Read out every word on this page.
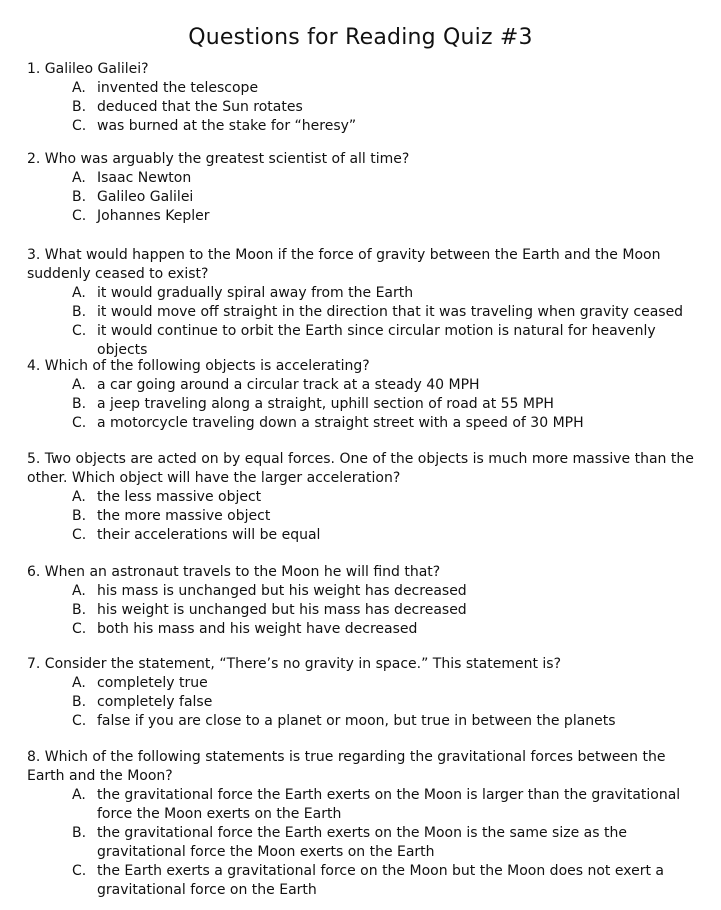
Questions for Reading Quiz #3

1. Galileo Galilei?

A. invented the telescope
B. deduced that the Sun rotates
C. was burned at the stake for “heresy”

2. Who was arguably the greatest scientist of all time?

A. Isaac Newton
B. Galileo Galilei
C. Johannes Kepler

3. What would happen to the Moon if the force of gravity between the Earth and the Moon suddenly ceased to exist?

A. it would gradually spiral away from the Earth
B. it would move off straight in the direction that it was traveling when gravity ceased
C. it would continue to orbit the Earth since circular motion is natural for heavenly objects

4. Which of the following objects is accelerating?

A. a car going around a circular track at a steady 40 MPH
B. a jeep traveling along a straight, uphill section of road at 55 MPH
C. a motorcycle traveling down a straight street with a speed of 30 MPH

5. Two objects are acted on by equal forces. One of the objects is much more massive than the other. Which object will have the larger acceleration?

A. the less massive object
B. the more massive object
C. their accelerations will be equal

6. When an astronaut travels to the Moon he will find that?

A. his mass is unchanged but his weight has decreased
B. his weight is unchanged but his mass has decreased
C. both his mass and his weight have decreased

7. Consider the statement, “There’s no gravity in space.” This statement is?

A. completely true
B. completely false
C. false if you are close to a planet or moon, but true in between the planets

8. Which of the following statements is true regarding the gravitational forces between the Earth and the Moon?

A. the gravitational force the Earth exerts on the Moon is larger than the gravitational force the Moon exerts on the Earth
B. the gravitational force the Earth exerts on the Moon is the same size as the gravitational force the Moon exerts on the Earth
C. the Earth exerts a gravitational force on the Moon but the Moon does not exert a gravitational force on the Earth
